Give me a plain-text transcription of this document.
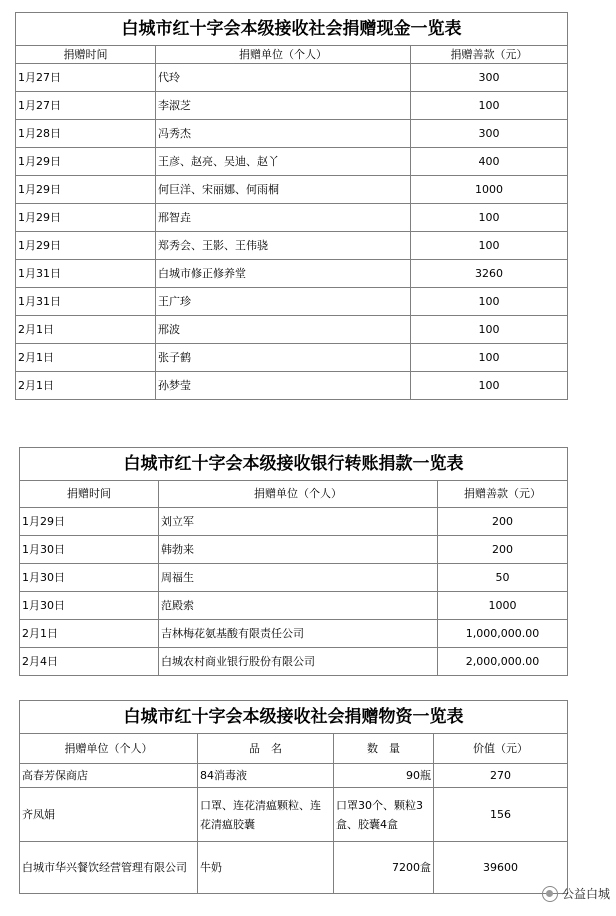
白城市红十字会本级接收社会捐赠现金一览表		
捐赠时间	捐赠单位（个人）	捐赠善款（元）
1月27日	代玲	300
1月27日	李淑芝	100
1月28日	冯秀杰	300
1月29日	王彦、赵亮、吴迪、赵丫	400
1月29日	何巨洋、宋丽娜、何雨桐	1000
1月29日	邢智垚	100
1月29日	郑秀会、王影、王伟骁	100
1月31日	白城市修正修养堂	3260
1月31日	王广珍	100
2月1日	邢波	100
2月1日	张子鹤	100
2月1日	孙梦莹	100
白城市红十字会本级接收银行转账捐款一览表		
捐赠时间	捐赠单位（个人）	捐赠善款（元）
1月29日	刘立军	200
1月30日	韩勃来	200
1月30日	周福生	50
1月30日	范殿索	1000
2月1日	吉林梅花氨基酸有限责任公司	1,000,000.00
2月4日	白城农村商业银行股份有限公司	2,000,000.00
白城市红十字会本级接收社会捐赠物资一览表			
捐赠单位（个人）	品　名	数　量	价值（元）
高春芳保商店	84消毒液	90瓶	270
齐凤娟	口罩、连花清瘟颗粒、连花清瘟胶囊	口罩30个、颗粒3盒、胶囊4盒	156
白城市华兴餐饮经营管理有限公司	牛奶	7200盒	39600
公益白城
